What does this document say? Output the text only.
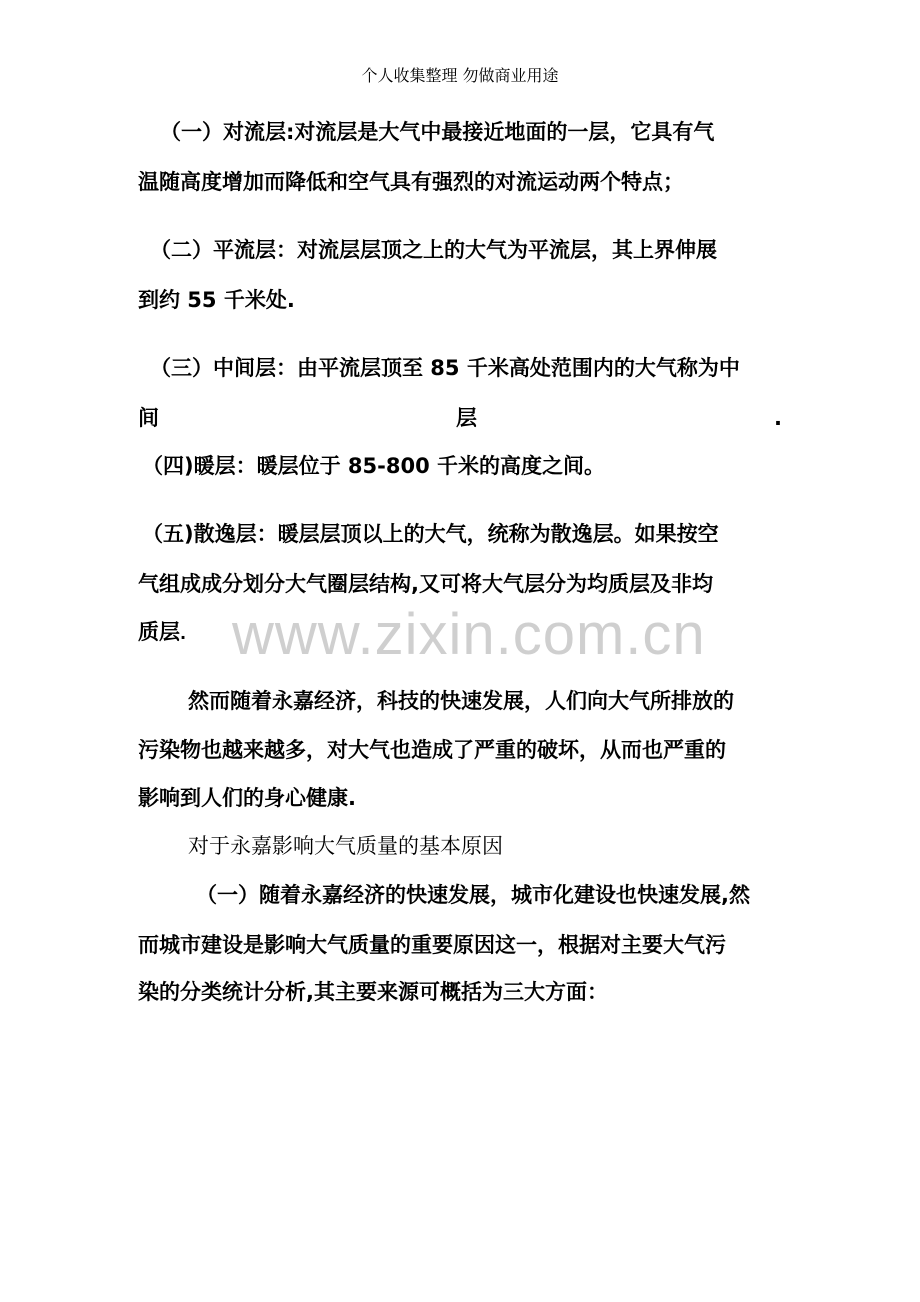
个人收集整理 勿做商业用途
（一）对流层:对流层是大气中最接近地面的一层，它具有气
温随高度增加而降低和空气具有强烈的对流运动两个特点；
（二）平流层：对流层层顶之上的大气为平流层，其上界伸展
到约 55 千米处.
（三）中间层：由平流层顶至 85 千米高处范围内的大气称为中
间	层	.
（四)暖层：暖层位于 85-800 千米的高度之间。
（五)散逸层：暖层层顶以上的大气，统称为散逸层。如果按空
气组成成分划分大气圈层结构,又可将大气层分为均质层及非均
质层. www.zixin.com.cn
然而随着永嘉经济，科技的快速发展，人们向大气所排放的
污染物也越来越多，对大气也造成了严重的破坏，从而也严重的
影响到人们的身心健康.
对于永嘉影响大气质量的基本原因
（一）随着永嘉经济的快速发展，城市化建设也快速发展,然
而城市建设是影响大气质量的重要原因这一，根据对主要大气污
染的分类统计分析,其主要来源可概括为三大方面：
